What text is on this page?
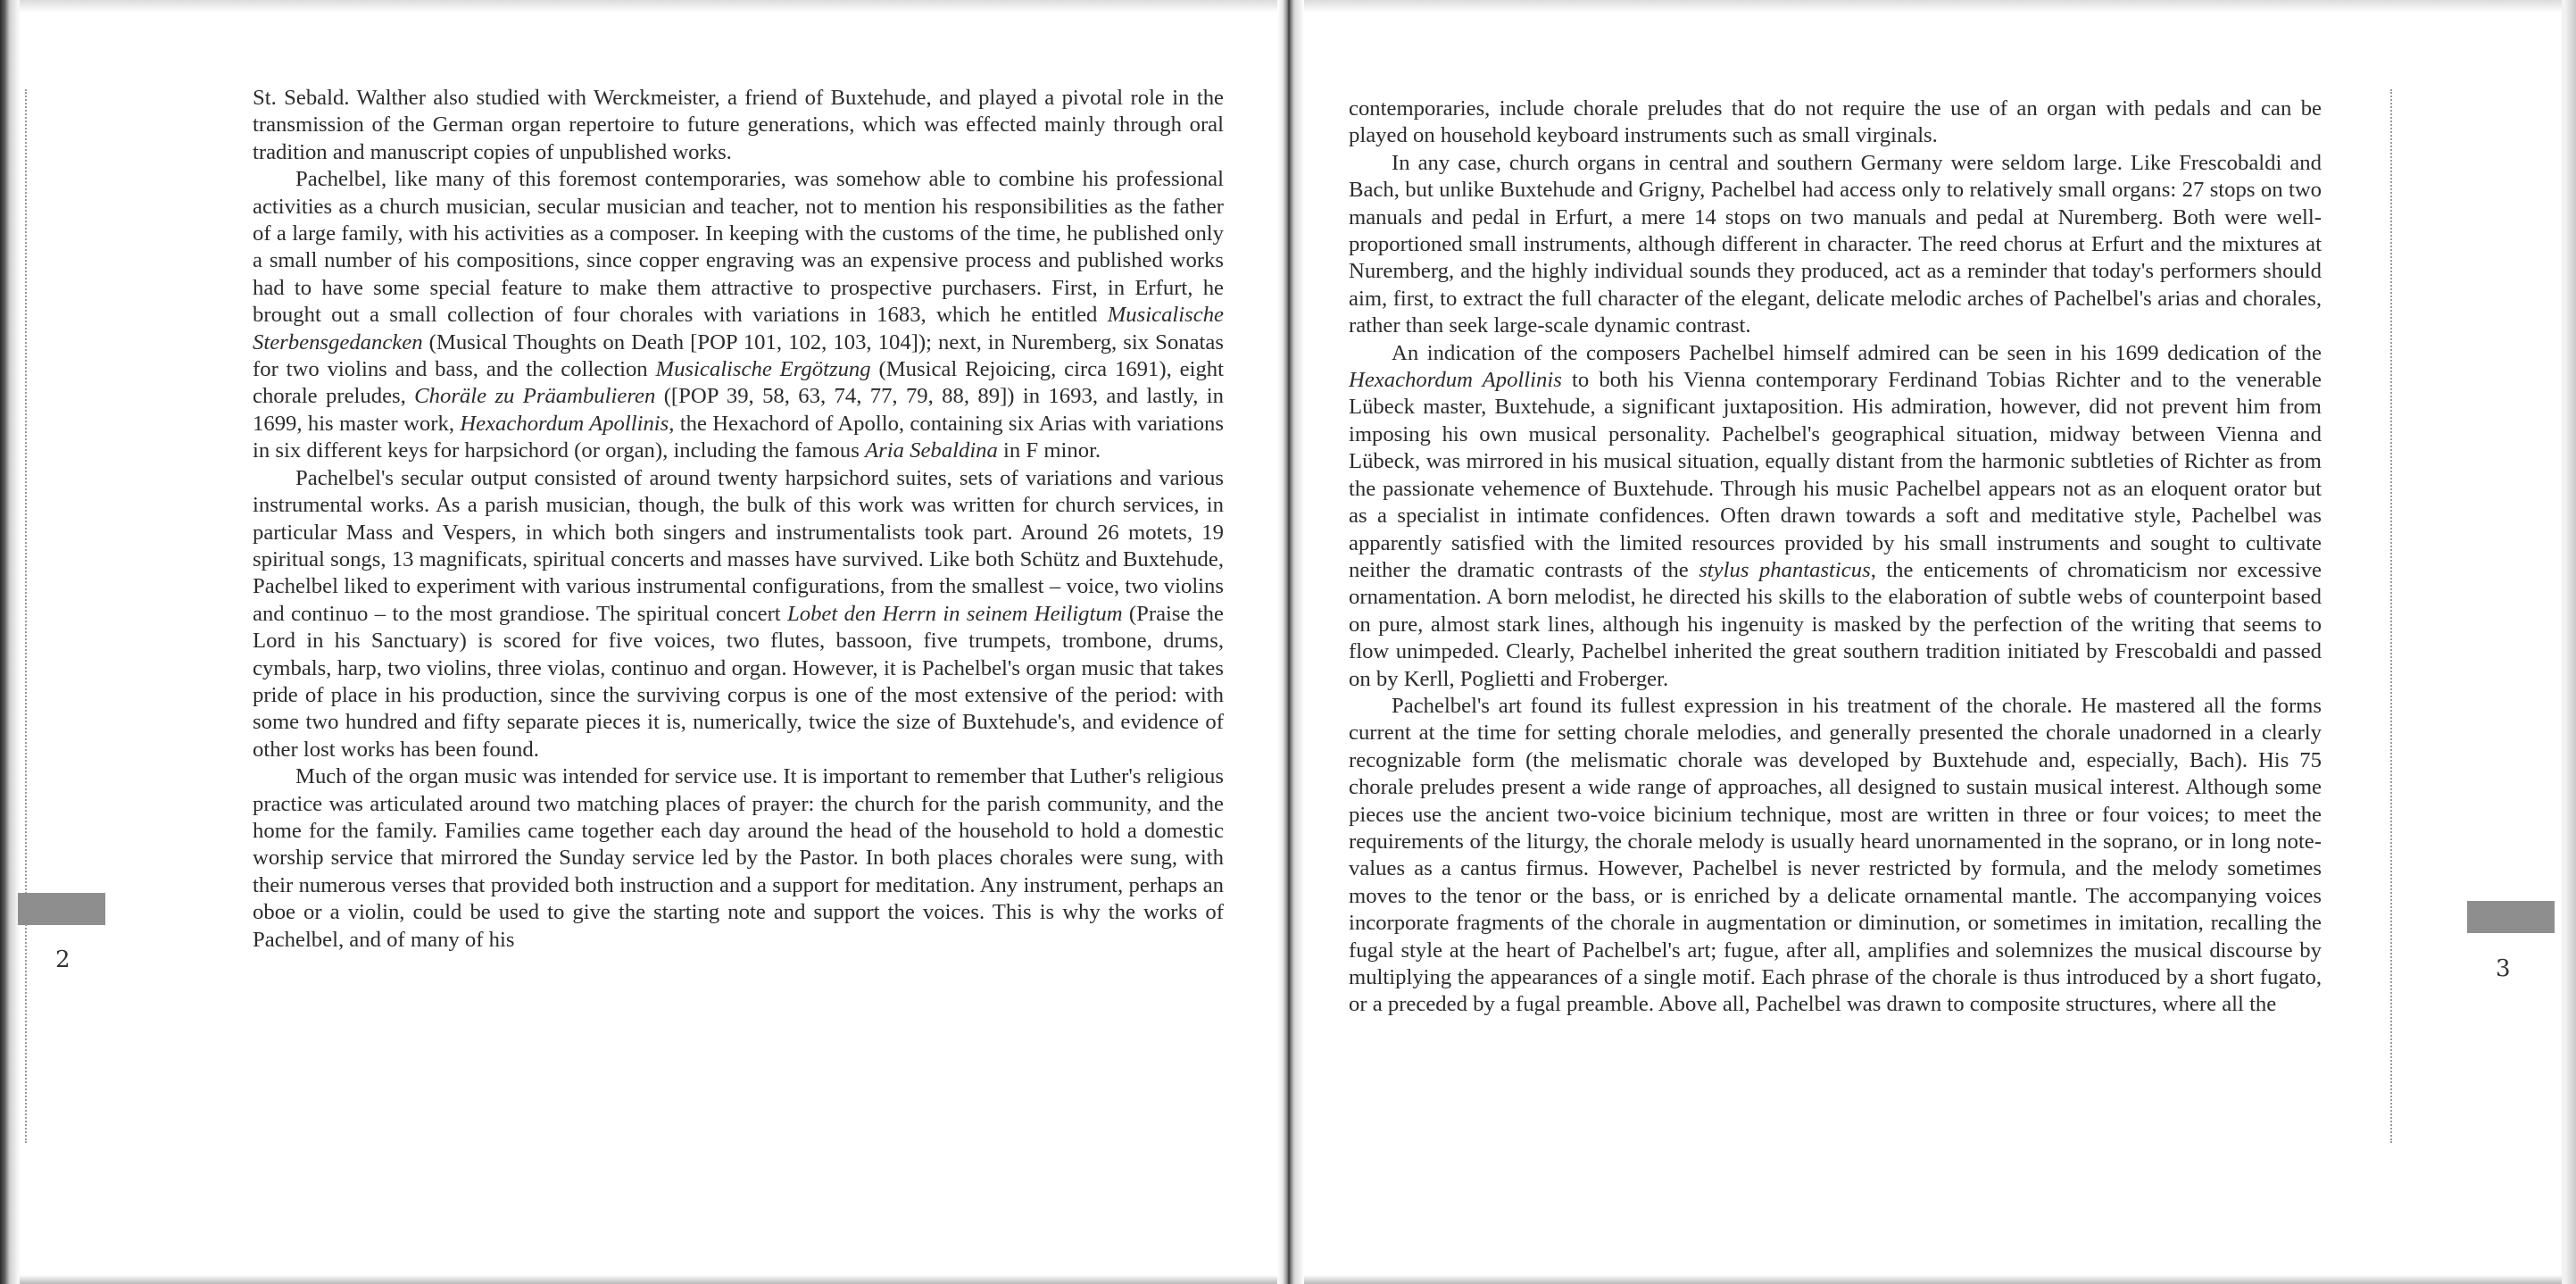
2	3

St. Sebald. Walther also studied with Werckmeister, a friend of Buxtehude, and played a pivotal role in the transmission of the German organ repertoire to future generations, which was effected mainly through oral tradition and manuscript copies of unpublished works.

Pachelbel, like many of this foremost contemporaries, was somehow able to combine his professional activities as a church musician, secular musician and teacher, not to mention his responsibilities as the father of a large family, with his activities as a composer. In keeping with the customs of the time, he published only a small number of his compositions, since copper engraving was an expensive process and published works had to have some special feature to make them attractive to prospective purchasers. First, in Erfurt, he brought out a small collection of four chorales with variations in 1683, which he entitled Musicalische Sterbensgedancken (Musical Thoughts on Death [POP 101, 102, 103, 104]); next, in Nuremberg, six Sonatas for two violins and bass, and the collection Musicalische Ergötzung (Musical Rejoicing, circa 1691), eight chorale preludes, Choräle zu Präambulieren ([POP 39, 58, 63, 74, 77, 79, 88, 89]) in 1693, and lastly, in 1699, his master work, Hexachordum Apollinis, the Hexachord of Apollo, containing six Arias with variations in six different keys for harpsichord (or organ), including the famous Aria Sebaldina in F minor.

Pachelbel's secular output consisted of around twenty harpsichord suites, sets of variations and various instrumental works. As a parish musician, though, the bulk of this work was written for church services, in particular Mass and Vespers, in which both singers and instrumentalists took part. Around 26 motets, 19 spiritual songs, 13 magnificats, spiritual concerts and masses have survived. Like both Schütz and Buxtehude, Pachelbel liked to experiment with various instrumental configurations, from the smallest – voice, two violins and continuo – to the most grandiose. The spiritual concert Lobet den Herrn in seinem Heiligtum (Praise the Lord in his Sanctuary) is scored for five voices, two flutes, bassoon, five trumpets, trombone, drums, cymbals, harp, two violins, three violas, continuo and organ. However, it is Pachelbel's organ music that takes pride of place in his production, since the surviving corpus is one of the most extensive of the period: with some two hundred and fifty separate pieces it is, numerically, twice the size of Buxtehude's, and evidence of other lost works has been found.

Much of the organ music was intended for service use. It is important to remember that Luther's religious practice was articulated around two matching places of prayer: the church for the parish community, and the home for the family. Families came together each day around the head of the household to hold a domestic worship service that mirrored the Sunday service led by the Pastor. In both places chorales were sung, with their numerous verses that provided both instruction and a support for meditation. Any instrument, perhaps an oboe or a violin, could be used to give the starting note and support the voices. This is why the works of Pachelbel, and of many of his

contemporaries, include chorale preludes that do not require the use of an organ with pedals and can be played on household keyboard instruments such as small virginals.

In any case, church organs in central and southern Germany were seldom large. Like Frescobaldi and Bach, but unlike Buxtehude and Grigny, Pachelbel had access only to relatively small organs: 27 stops on two manuals and pedal in Erfurt, a mere 14 stops on two manuals and pedal at Nuremberg. Both were well-proportioned small instruments, although different in character. The reed chorus at Erfurt and the mixtures at Nuremberg, and the highly individual sounds they produced, act as a reminder that today's performers should aim, first, to extract the full character of the elegant, delicate melodic arches of Pachelbel's arias and chorales, rather than seek large-scale dynamic contrast.

An indication of the composers Pachelbel himself admired can be seen in his 1699 dedication of the Hexachordum Apollinis to both his Vienna contemporary Ferdinand Tobias Richter and to the venerable Lübeck master, Buxtehude, a significant juxtaposition. His admiration, however, did not prevent him from imposing his own musical personality. Pachelbel's geographical situation, midway between Vienna and Lübeck, was mirrored in his musical situation, equally distant from the harmonic subtleties of Richter as from the passionate vehemence of Buxtehude. Through his music Pachelbel appears not as an eloquent orator but as a specialist in intimate confidences. Often drawn towards a soft and meditative style, Pachelbel was apparently satisfied with the limited resources provided by his small instruments and sought to cultivate neither the dramatic contrasts of the stylus phantasticus, the enticements of chromaticism nor excessive ornamentation. A born melodist, he directed his skills to the elaboration of subtle webs of counterpoint based on pure, almost stark lines, although his ingenuity is masked by the perfection of the writing that seems to flow unimpeded. Clearly, Pachelbel inherited the great southern tradition initiated by Frescobaldi and passed on by Kerll, Poglietti and Froberger.

Pachelbel's art found its fullest expression in his treatment of the chorale. He mastered all the forms current at the time for setting chorale melodies, and generally presented the chorale unadorned in a clearly recognizable form (the melismatic chorale was developed by Buxtehude and, especially, Bach). His 75 chorale preludes present a wide range of approaches, all designed to sustain musical interest. Although some pieces use the ancient two-voice bicinium technique, most are written in three or four voices; to meet the requirements of the liturgy, the chorale melody is usually heard unornamented in the soprano, or in long note-values as a cantus firmus. However, Pachelbel is never restricted by formula, and the melody sometimes moves to the tenor or the bass, or is enriched by a delicate ornamental mantle. The accompanying voices incorporate fragments of the chorale in augmentation or diminution, or sometimes in imitation, recalling the fugal style at the heart of Pachelbel's art; fugue, after all, amplifies and solemnizes the musical discourse by multiplying the appearances of a single motif. Each phrase of the chorale is thus introduced by a short fugato, or a preceded by a fugal preamble. Above all, Pachelbel was drawn to composite structures, where all the
